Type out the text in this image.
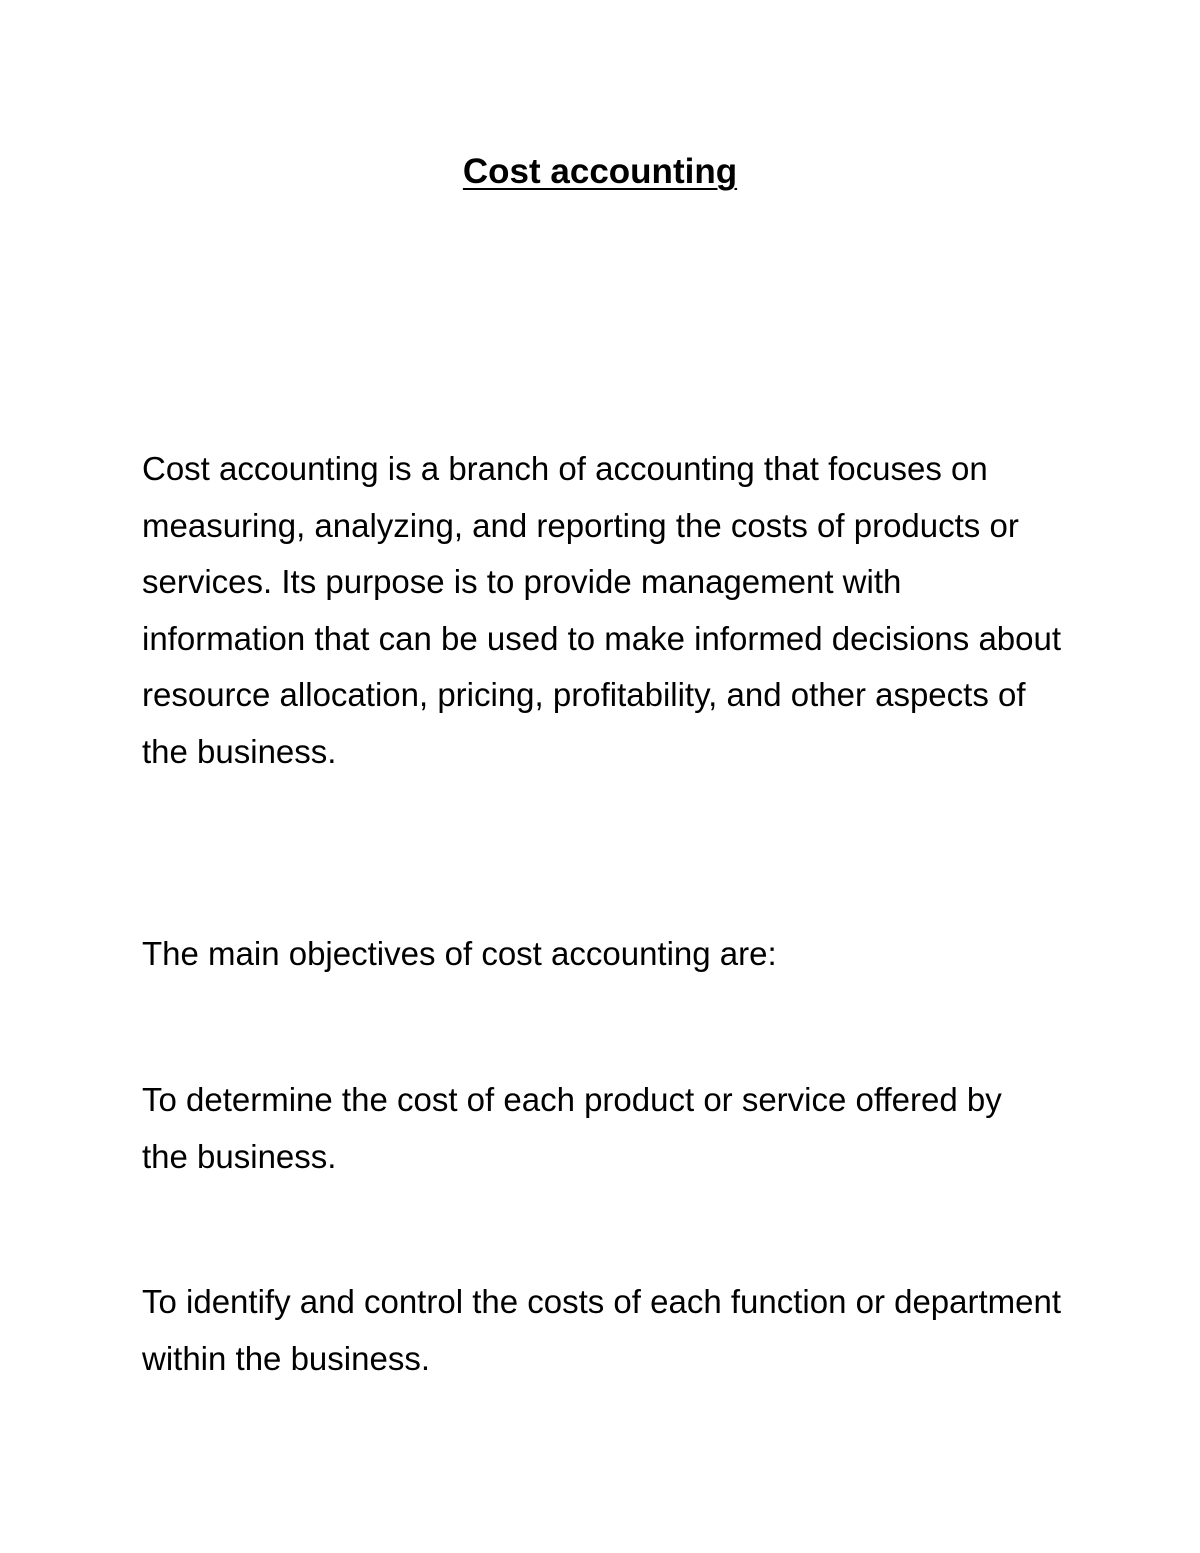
Cost accounting

Cost accounting is a branch of accounting that focuses on measuring, analyzing, and reporting the costs of products or services. Its purpose is to provide management with information that can be used to make informed decisions about resource allocation, pricing, profitability, and other aspects of the business.

The main objectives of cost accounting are:

To determine the cost of each product or service offered by the business.

To identify and control the costs of each function or department within the business.
